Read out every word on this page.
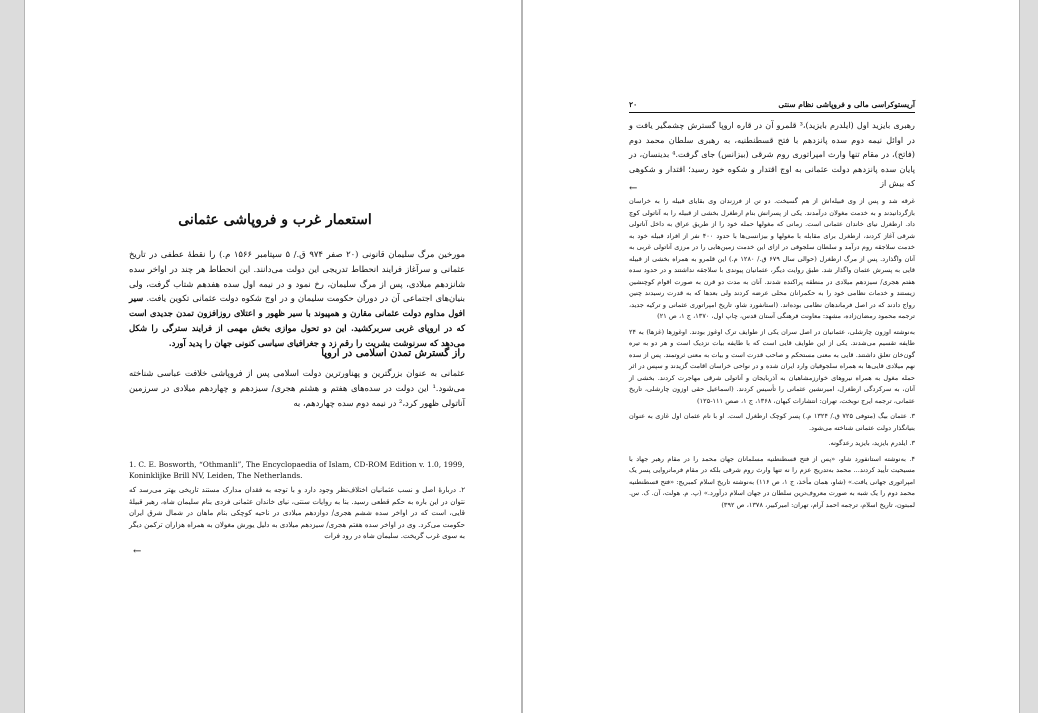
استعمار غرب و فروپاشی عثمانی
مورخین مرگ سلیمان قانونی (۲۰ صفر ۹۷۴ ق./ ۵ سپتامبر ۱۵۶۶ م.) را نقطهٔ عطفی در تاریخ عثمانی و سرآغاز فرایند انحطاط تدریجی این دولت می‌دانند. این انحطاط هر چند در اواخر سده شانزدهم میلادی، پس از مرگ سلیمان، رخ نمود و در نیمه اول سده هفدهم شتاب گرفت، ولی بنیان‌های اجتماعی آن در دوران حکومت سلیمان و در اوج شکوه دولت عثمانی تکوین یافت. سیر افول مداوم دولت عثمانی مقارن و همپیوند با سیر ظهور و اعتلای روزافزون تمدن جدیدی است که در اروپای غربی سربرکشید. این دو تحول موازی بخش مهمی از فرایند سترگی را شکل می‌دهد که سرنوشت بشریت را رقم زد و جغرافیای سیاسی کنونی جهان را پدید آورد.
راز گسترش تمدن اسلامی در اروپا

عثمانی به عنوان بزرگترین و پهناورترین دولت اسلامی پس از فروپاشی خلافت عباسی شناخته می‌شود.¹ این دولت در سده‌های هفتم و هشتم هجری/ سیزدهم و چهاردهم میلادی در سرزمین آناتولی ظهور کرد،² در نیمه دوم سده چهاردهم، به

1. C. E. Bosworth, “Othmanli”, The Encyclopaedia of Islam, CD-ROM Edition v. 1.0, 1999, Koninklijke Brill NV, Leiden, The Netherlands.

۲. دربارهٔ اصل و نسب عثمانیان اختلاف‌نظر وجود دارد و با توجه به فقدان مدارک مستند تاریخی بهتر می‌رسد که نتوان در این باره به حکم قطعی رسید. بنا به روایات سنتی، نیای خاندان عثمانی فردی بنام سلیمان شاه، رهبر قبیلهٔ قایی، است که در اواخر سده ششم هجری/ دوازدهم میلادی در ناحیه کوچکی بنام ماهان در شمال شرق ایران حکومت می‌کرد. وی در اواخر سده هفتم هجری/ سیزدهم میلادی به دلیل یورش مغولان به همراه هزاران ترکمن دیگر به سوی غرب گریخت. سلیمان شاه در رود فرات

←
آریستوکراسی مالی و فروپاشی نظام سنتی
۲۰

رهبری بایزید اول (ایلدرم بایزید)،³ قلمرو آن در قاره اروپا گسترش چشمگیر یافت و در اوائل نیمه دوم سده پانزدهم با فتح قسطنطنیه، به رهبری سلطان محمد دوم (فاتح)، در مقام تنها وارث امپراتوری روم شرقی (بیزانس) جای گرفت.⁴ بدینسان، در پایان سده پانزدهم دولت عثمانی به اوج اقتدار و شکوه خود رسید؛ اقتدار و شکوهی که بیش از

←

غرقه شد و پس از وی قبیله‌اش از هم گسیخت. دو تن از فرزندان وی بقایای قبیله را به خراسان بازگردانیدند و به خدمت مغولان درآمدند. یکی از پسرانش بنام ارطغرل بخشی از قبیله را به آناتولی کوچ داد. ارطغرل نیای خاندان عثمانی است. زمانی که مغولها حمله خود را از طریق عراق به داخل آناتولی شرقی آغاز کردند، ارطغرل برای مقابله با مغولها و بیزانسی‌ها با حدود ۴۰۰ نفر از افراد قبیله خود به خدمت سلاجقه روم درآمد و سلطان سلجوقی در ازای این خدمت زمین‌هایی را در مرزی آناتولی غربی به آنان واگذارد. پس از مرگ ارطغرل (حوالی سال ۶۷۹ ق./ ۱۲۸۰ م.) این قلمرو به همراه بخشی از قبیله قایی به پسرش عثمان واگذار شد. طبق روایت دیگر، عثمانیان پیوندی با سلاجقه نداشتند و در حدود سده هفتم هجری/ سیزدهم میلادی در منطقه پراکنده شدند. آنان به مدت دو قرن به صورت اقوام کوچنشین زیستند و خدمات نظامی خود را به حکمرانان محلی عرضه کردند ولی بعدها که به قدرت رسیدند چنین رواج دادند که در اصل فرماندهان نظامی بوده‌اند. (استانفورد شاو، تاریخ امپراتوری عثمانی و ترکیه جدید، ترجمه محمود رمضان‌زاده، مشهد: معاونت فرهنگی آستان قدس، چاپ اول، ۱۳۷۰، ج ۱، ص ۲۱)

به‌نوشته اوزون چارشلی، عثمانیان در اصل سران یکی از طوایف ترک اوغوز بودند. اوغوزها (غزها) به ۲۴ طایفه تقسیم می‌شدند. یکی از این طوایف قایی است که با طایفه بیات نزدیک است و هر دو به تیره گون‌خان تعلق داشتند. قایی به معنی مستحکم و صاحب قدرت است و بیات به معنی ثروتمند. پس از سده نهم میلادی قایی‌ها به همراه سلجوقیان وارد ایران شده و در نواحی خراسان اقامت گزیدند و سپس در اثر حمله مغول به همراه نیروهای خوارزمشاهیان به آذربایجان و آناتولی شرقی مهاجرت کردند. بخشی از آنان، به سرکردگی ارطغرل، امیرنشین عثمانی را تأسیس کردند. (اسماعیل حقی اوزون چارشلی، تاریخ عثمانی، ترجمه ایرج نوبخت، تهران: انتشارات کیهان، ۱۳۶۸، ج ۱، صص ۱۱۱-۱۲۵)

۳. عثمان بیگ (متوفی ۷۲۵ ق./ ۱۳۲۴ م.) پسر کوچک ارطغرل است. او با نام عثمان اول غازی به عنوان بنیانگذار دولت عثمانی شناخته می‌شود.

۳. ایلدرم بایزید، بایزید رعدگونه.

۴. به‌نوشته استانفورد شاو، «پس از فتح قسطنطنیه مسلمانان جهان محمد را در مقام رهبر جهاد با مسیحیت تأیید کردند... محمد به‌تدریج عزم را نه تنها وارث روم شرقی بلکه در مقام فرمانروایی پسر یک امپراتوری جهانی یافت.» (شاو، همان مأخذ، ج ۱، ص ۱۱۶) به‌نوشته تاریخ اسلام کمبریج: «فتح قسطنطنیه محمد دوم را یک شبه به صورت معروف‌ترین سلطان در جهان اسلام درآورد.» (پ. م. هولت، آن. ک. س. لمبتون، تاریخ اسلام، ترجمه احمد آرام، تهران: امیرکبیر، ۱۳۷۸، ص ۳۹۲)
